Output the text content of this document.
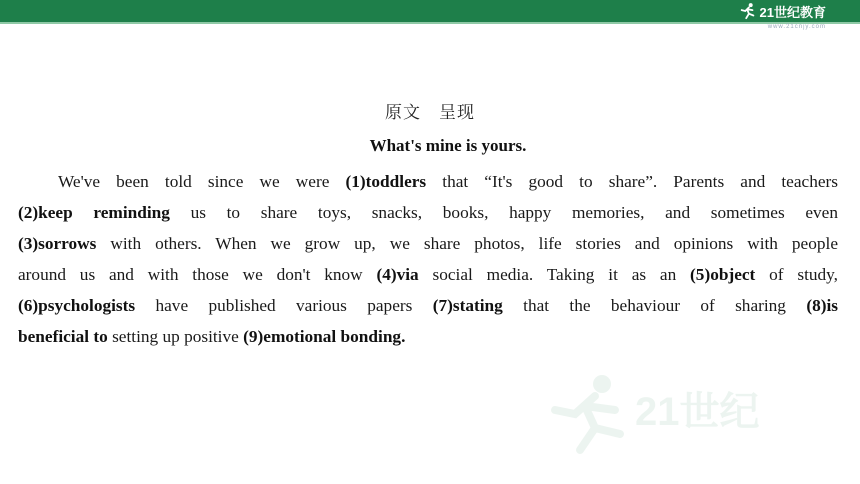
21世纪教育
www.21cnjy.com
原文 呈现
What's mine is yours.
We've been told since we were (1)toddlers that “It's good to share”. Parents and teachers
(2)keep reminding us to share toys, snacks, books, happy memories, and sometimes even
(3)sorrows with others. When we grow up, we share photos, life stories and opinions with people
around us and with those we don't know (4)via social media. Taking it as an (5)object of study,
(6)psychologists have published various papers (7)stating that the behaviour of sharing (8)is
beneficial to setting up positive (9)emotional bonding.
21世纪
